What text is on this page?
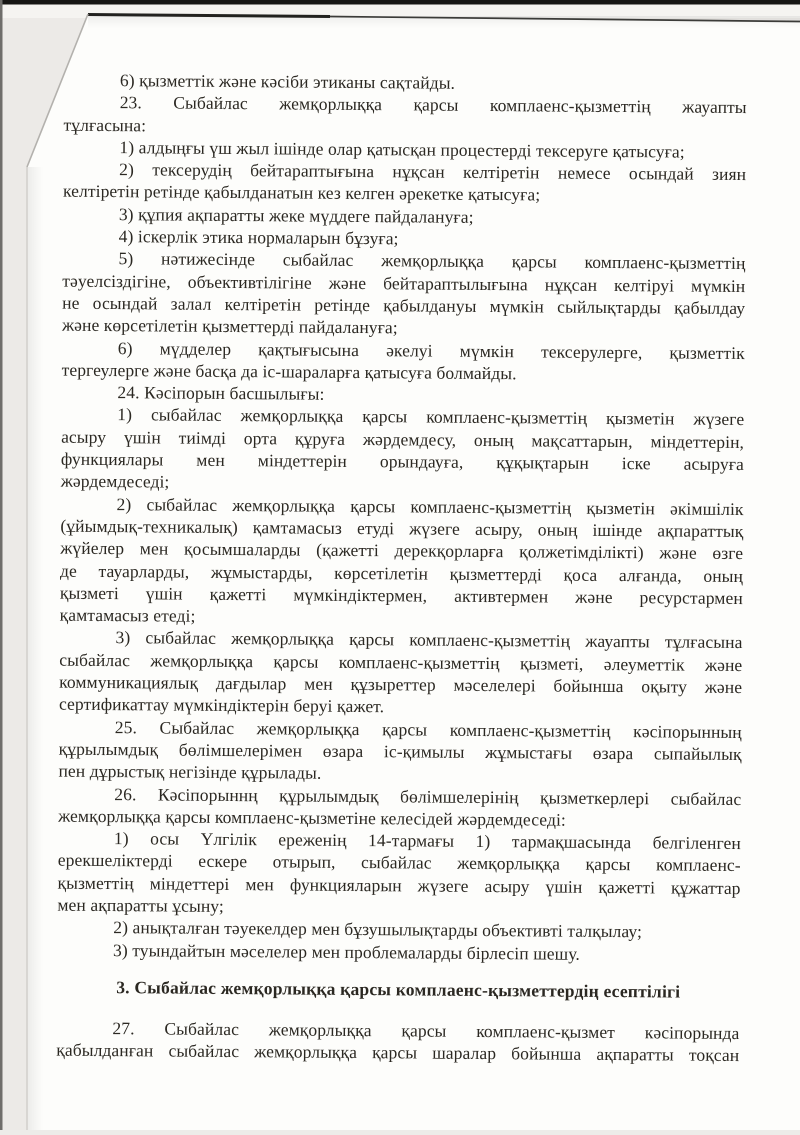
6) қызметтік және кәсіби этиканы сақтайды.
23. Сыбайлас жемқорлыққа қарсы комплаенс-қызметтің жауапты
тұлғасына:
1) алдыңғы үш жыл ішінде олар қатысқан процестерді тексеруге қатысуға;
2) тексерудің бейтараптығына нұқсан келтіретін немесе осындай зиян
келтіретін ретінде қабылданатын кез келген әрекетке қатысуға;
3) құпия ақпаратты жеке мүддеге пайдалануға;
4) іскерлік этика нормаларын бұзуға;
5) нәтижесінде сыбайлас жемқорлыққа қарсы комплаенс-қызметтің
тәуелсіздігіне, объективтілігіне және бейтараптылығына нұқсан келтіруі мүмкін
не осындай залал келтіретін ретінде қабылдануы мүмкін сыйлықтарды қабылдау
және көрсетілетін қызметтерді пайдалануға;
6) мүдделер қақтығысына әкелуі мүмкін тексерулерге, қызметтік
тергеулерге және басқа да іс-шараларға қатысуға болмайды.
24. Кәсіпорын басшылығы:
1) сыбайлас жемқорлыққа қарсы комплаенс-қызметтің қызметін жүзеге
асыру үшін тиімді орта құруға жәрдемдесу, оның мақсаттарын, міндеттерін,
функциялары мен міндеттерін орындауға, құқықтарын іске асыруға
жәрдемдеседі;
2) сыбайлас жемқорлыққа қарсы комплаенс-қызметтің қызметін әкімшілік
(ұйымдық-техникалық) қамтамасыз етуді жүзеге асыру, оның ішінде ақпараттық
жүйелер мен қосымшаларды (қажетті дерекқорларға қолжетімділікті) және өзге
де тауарларды, жұмыстарды, көрсетілетін қызметтерді қоса алғанда, оның
қызметі үшін қажетті мүмкіндіктермен, активтермен және ресурстармен
қамтамасыз етеді;
3) сыбайлас жемқорлыққа қарсы комплаенс-қызметтің жауапты тұлғасына
сыбайлас жемқорлыққа қарсы комплаенс-қызметтің қызметі, әлеуметтік және
коммуникациялық дағдылар мен құзыреттер мәселелері бойынша оқыту және
сертификаттау мүмкіндіктерін беруі қажет.
25. Сыбайлас жемқорлыққа қарсы комплаенс-қызметтің кәсіпорынның
құрылымдық бөлімшелерімен өзара іс-қимылы жұмыстағы өзара сыпайылық
пен дұрыстық негізінде құрылады.
26. Кәсіпорыннң құрылымдық бөлімшелерінің қызметкерлері сыбайлас
жемқорлыққа қарсы комплаенс-қызметіне келесідей жәрдемдеседі:
1) осы Үлгілік ереженің 14-тармағы 1) тармақшасында белгіленген
ерекшеліктерді ескере отырып, сыбайлас жемқорлыққа қарсы комплаенс-
қызметтің міндеттері мен функцияларын жүзеге асыру үшін қажетті құжаттар
мен ақпаратты ұсыну;
2) анықталған тәуекелдер мен бұзушылықтарды объективті талқылау;
3) туындайтын мәселелер мен проблемаларды бірлесіп шешу.
3. Сыбайлас жемқорлыққа қарсы комплаенс-қызметтердің есептілігі
27. Сыбайлас жемқорлыққа қарсы комплаенс-қызмет кәсіпорында
қабылданған сыбайлас жемқорлыққа қарсы шаралар бойынша ақпаратты тоқсан
